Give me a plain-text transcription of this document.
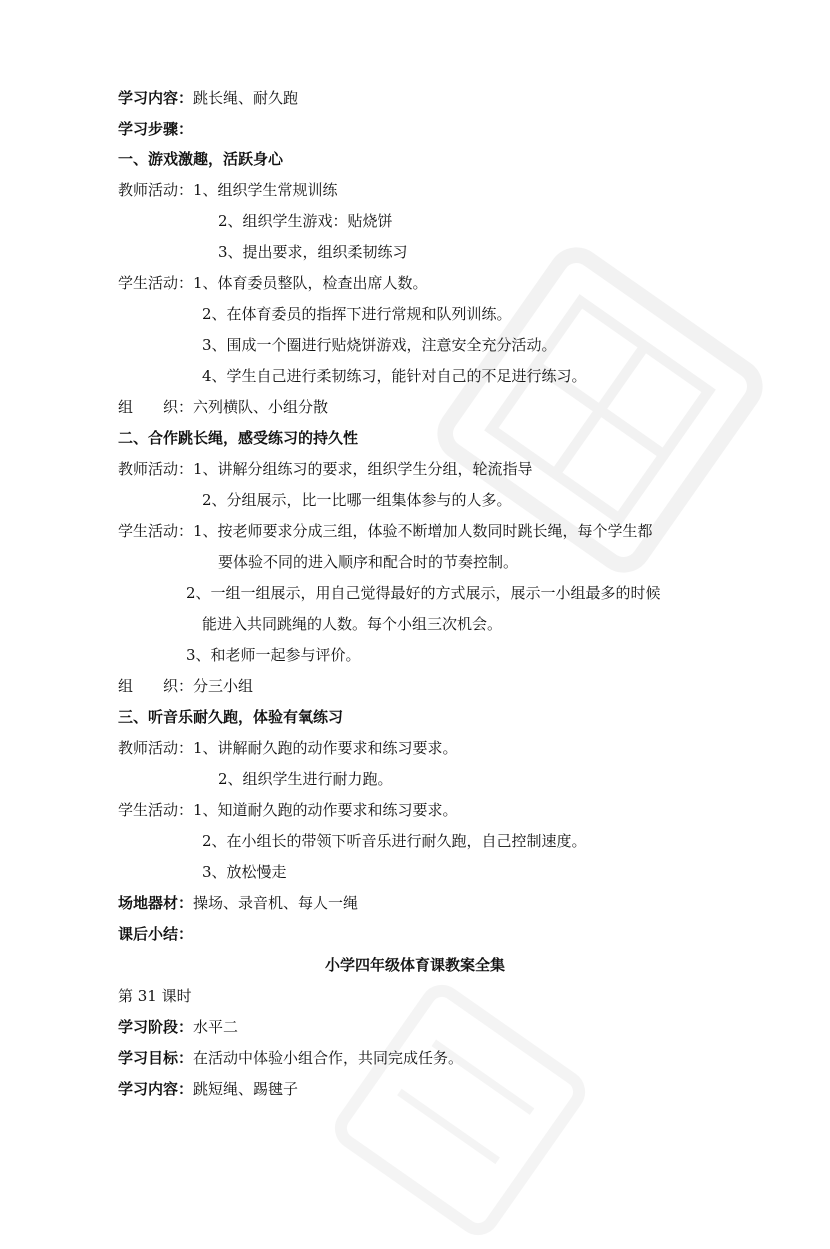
学习内容：跳长绳、耐久跑
学习步骤：
一、游戏激趣，活跃身心
教师活动：1、组织学生常规训练
2、组织学生游戏：贴烧饼
3、提出要求，组织柔韧练习
学生活动：1、体育委员整队，检查出席人数。
2、在体育委员的指挥下进行常规和队列训练。
3、围成一个圈进行贴烧饼游戏，注意安全充分活动。
4、学生自己进行柔韧练习，能针对自己的不足进行练习。
组　　织：六列横队、小组分散
二、合作跳长绳，感受练习的持久性
教师活动：1、讲解分组练习的要求，组织学生分组，轮流指导
2、分组展示，比一比哪一组集体参与的人多。
学生活动：1、按老师要求分成三组，体验不断增加人数同时跳长绳，每个学生都
要体验不同的进入顺序和配合时的节奏控制。
2、一组一组展示，用自己觉得最好的方式展示，展示一小组最多的时候
能进入共同跳绳的人数。每个小组三次机会。
3、和老师一起参与评价。
组　　织：分三小组
三、听音乐耐久跑，体验有氧练习
教师活动：1、讲解耐久跑的动作要求和练习要求。
2、组织学生进行耐力跑。
学生活动：1、知道耐久跑的动作要求和练习要求。
2、在小组长的带领下听音乐进行耐久跑，自己控制速度。
3、放松慢走
场地器材：操场、录音机、每人一绳
课后小结：
小学四年级体育课教案全集
第 31 课时
学习阶段：水平二
学习目标：在活动中体验小组合作，共同完成任务。
学习内容：跳短绳、踢毽子
